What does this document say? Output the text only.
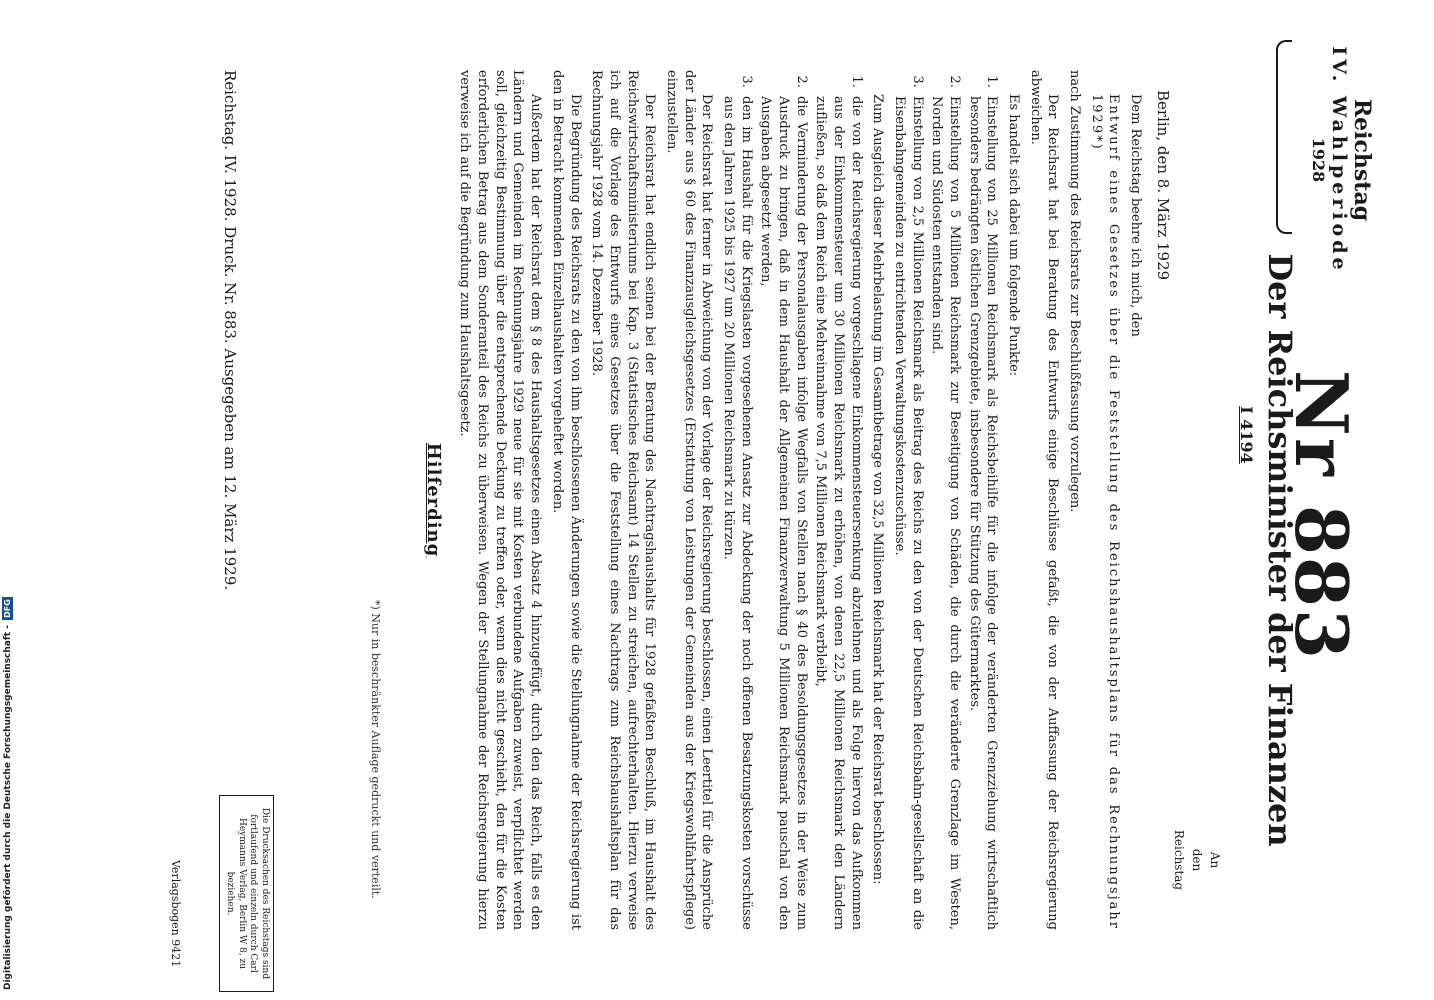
Reichstag
IV. Wahlperiode
1928
Nr 883
Der Reichsminister der Finanzen
I 4194
An
den Reichstag
Berlin, den 8. März 1929

Dem Reichstag beehre ich mich, den

Entwurf eines Gesetzes über die Feststellung des Reichshaushaltsplans für das Rechnungsjahr 1929*)

nach Zustimmung des Reichsrats zur Beschlußfassung vorzulegen.

Der Reichsrat hat bei Beratung des Entwurfs einige Beschlüsse gefaßt, die von der Auffassung der Reichsregierung abweichen.

Es handelt sich dabei um folgende Punkte:

1. Einstellung von 25 Millionen Reichsmark als Reichsbeihilfe für die infolge der veränderten Grenzziehung wirtschaftlich besonders bedrängten östlichen Grenzgebiete, insbesondere für Stützung des Gütermarktes.
2. Einstellung von 5 Millionen Reichsmark zur Beseitigung von Schäden, die durch die veränderte Grenzlage im Westen, Norden und Südosten entstanden sind.
3. Einstellung von 2,5 Millionen Reichsmark als Beitrag des Reichs zu den von der Deutschen Reichsbahn-gesellschaft an die Eisenbahngemeinden zu entrichtenden Verwaltungskostenzuschüsse.

Zum Ausgleich dieser Mehrbelastung im Gesamtbetrage von 32,5 Millionen Reichsmark hat der Reichsrat beschlossen:

1. die von der Reichsregierung vorgeschlagene Einkommensteuersenkung abzulehnen und als Folge hiervon das Aufkommen aus der Einkommensteuer um 30 Millionen Reichsmark zu erhöhen, von denen 22,5 Millionen Reichsmark den Ländern zufließen, so daß dem Reich eine Mehreinnahme von 7,5 Millionen Reichsmark verbleibt,
2. die Verminderung der Personalausgaben infolge Wegfalls von Stellen nach § 40 des Besoldungsgesetzes in der Weise zum Ausdruck zu bringen, daß in dem Haushalt der Allgemeinen Finanzverwaltung 5 Millionen Reichsmark pauschal von den Ausgaben abgesetzt werden,
3. den im Haushalt für die Kriegslasten vorgesehenen Ansatz zur Abdeckung der noch offenen Besatzungskosten vorschüsse aus den Jahren 1925 bis 1927 um 20 Millionen Reichsmark zu kürzen.

Der Reichsrat hat ferner in Abweichung von der Vorlage der Reichsregierung beschlossen, einen Leertitel für die Ansprüche der Länder aus § 60 des Finanzausgleichsgesetzes (Erstattung von Leistungen der Gemeinden aus der Kriegswohlfahrtspflege) einzustellen.

Der Reichsrat hat endlich seinen bei der Beratung des Nachtragshaushalts für 1928 gefaßten Beschluß, im Haushalt des Reichswirtschaftsministeriums bei Kap. 3 (Statistisches Reichsamt) 14 Stellen zu streichen, aufrechterhalten. Hierzu verweise ich auf die Vorlage des Entwurfs eines Gesetzes über die Feststellung eines Nachtrags zum Reichshaushaltsplan für das Rechnungsjahr 1928 vom 14. Dezember 1928.

Die Begründung des Reichsrats zu den von ihm beschlossenen Änderungen sowie die Stellungnahme der Reichsregierung ist den in Betracht kommenden Einzelhaushalten vorgeheftet worden.

Außerdem hat der Reichsrat dem § 8 des Haushaltsgesetzes einen Absatz 4 hinzugefügt, durch den das Reich, falls es den Ländern und Gemeinden im Rechnungsjahre 1929 neue für sie mit Kosten verbundene Aufgaben zuweist, verpflichtet werden soll, gleichzeitig Bestimmung über die entsprechende Deckung zu treffen oder, wenn dies nicht geschieht, den für die Kosten erforderlichen Betrag aus dem Sonderanteil des Reichs zu überweisen. Wegen der Stellungnahme der Reichsregierung hierzu verweise ich auf die Begründung zum Haushaltsgesetz.

Hilferding
*) Nur in beschränkter Auflage gedruckt und verteilt.
Die Drucksachen des Reichstags sind fortlaufend und einzeln durch Carl Heymanns Verlag, Berlin W 8, zu beziehen.
Reichstag. IV. 1928. Druck. Nr. 883. Ausgegeben am 12. März 1929.
Verlagsbogen 9421
Digitalisierung gefördert durch die Deutsche Forschungsgemeinschaft - DFG
